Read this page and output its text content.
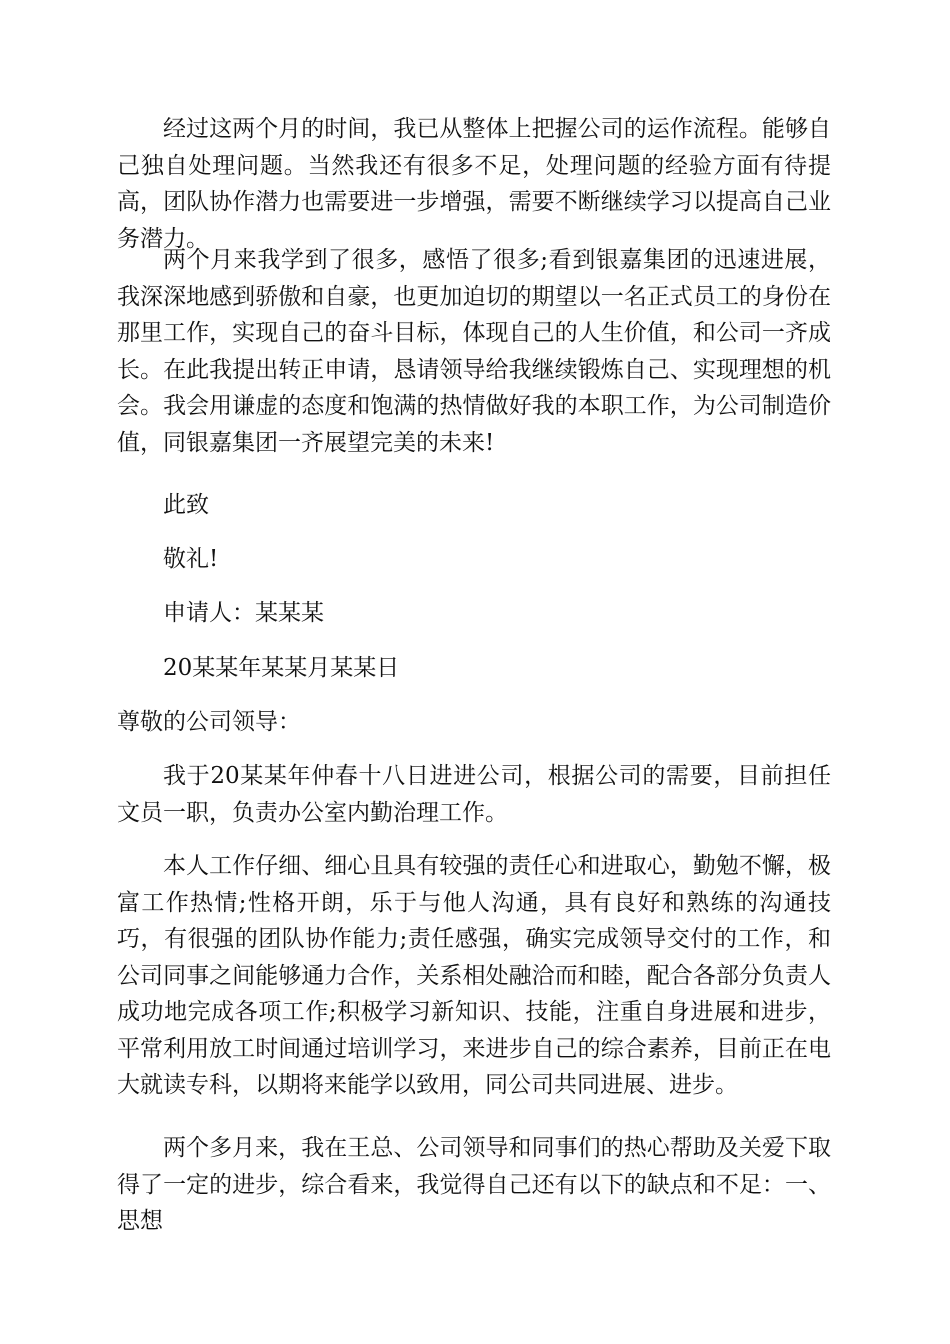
经过这两个月的时间，我已从整体上把握公司的运作流程。能够自己独自处理问题。当然我还有很多不足，处理问题的经验方面有待提高，团队协作潜力也需要进一步增强，需要不断继续学习以提高自己业务潜力。
两个月来我学到了很多，感悟了很多;看到银嘉集团的迅速进展，我深深地感到骄傲和自豪，也更加迫切的期望以一名正式员工的身份在那里工作，实现自己的奋斗目标，体现自己的人生价值，和公司一齐成长。在此我提出转正申请，恳请领导给我继续锻炼自己、实现理想的机会。我会用谦虚的态度和饱满的热情做好我的本职工作，为公司制造价值，同银嘉集团一齐展望完美的未来!
此致
敬礼!
申请人：某某某
20某某年某某月某某日
尊敬的公司领导：
我于20某某年仲春十八日进进公司，根据公司的需要，目前担任文员一职，负责办公室内勤治理工作。
本人工作仔细、细心且具有较强的责任心和进取心，勤勉不懈，极富工作热情;性格开朗，乐于与他人沟通，具有良好和熟练的沟通技巧，有很强的团队协作能力;责任感强，确实完成领导交付的工作，和公司同事之间能够通力合作，关系相处融洽而和睦，配合各部分负责人成功地完成各项工作;积极学习新知识、技能，注重自身进展和进步，平常利用放工时间通过培训学习，来进步自己的综合素养，目前正在电大就读专科，以期将来能学以致用，同公司共同进展、进步。
两个多月来，我在王总、公司领导和同事们的热心帮助及关爱下取得了一定的进步，综合看来，我觉得自己还有以下的缺点和不足：一、思想
